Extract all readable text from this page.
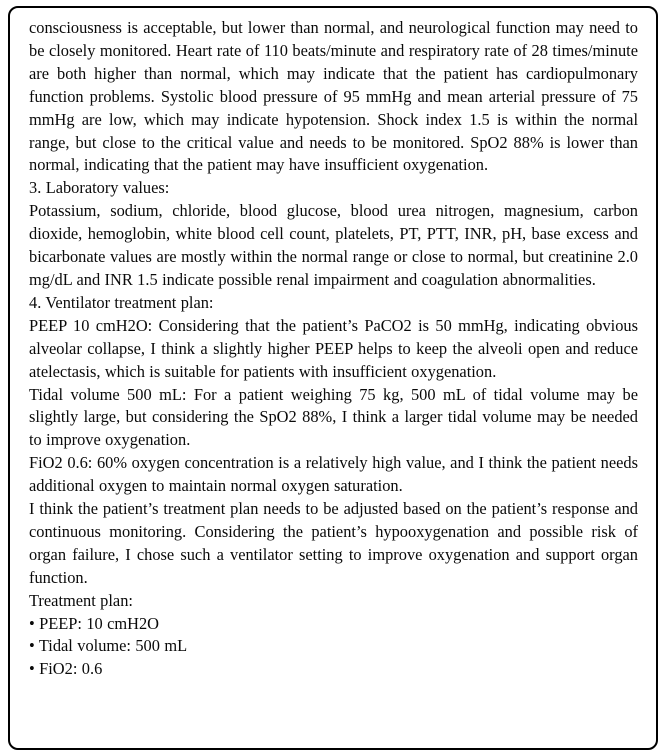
consciousness is acceptable, but lower than normal, and neurological function may need to be closely monitored. Heart rate of 110 beats/minute and respiratory rate of 28 times/minute are both higher than normal, which may indicate that the patient has cardiopulmonary function problems. Systolic blood pressure of 95 mmHg and mean arterial pressure of 75 mmHg are low, which may indicate hypotension. Shock index 1.5 is within the normal range, but close to the critical value and needs to be monitored. SpO2 88% is lower than normal, indicating that the patient may have insufficient oxygenation.

3. Laboratory values:

Potassium, sodium, chloride, blood glucose, blood urea nitrogen, magnesium, carbon dioxide, hemoglobin, white blood cell count, platelets, PT, PTT, INR, pH, base excess and bicarbonate values are mostly within the normal range or close to normal, but creatinine 2.0 mg/dL and INR 1.5 indicate possible renal impairment and coagulation abnormalities.

4. Ventilator treatment plan:

PEEP 10 cmH2O: Considering that the patient’s PaCO2 is 50 mmHg, indicating obvious alveolar collapse, I think a slightly higher PEEP helps to keep the alveoli open and reduce atelectasis, which is suitable for patients with insufficient oxygenation.

Tidal volume 500 mL: For a patient weighing 75 kg, 500 mL of tidal volume may be slightly large, but considering the SpO2 88%, I think a larger tidal volume may be needed to improve oxygenation.

FiO2 0.6: 60% oxygen concentration is a relatively high value, and I think the patient needs additional oxygen to maintain normal oxygen saturation.

I think the patient’s treatment plan needs to be adjusted based on the patient’s response and continuous monitoring. Considering the patient’s hypooxygenation and possible risk of organ failure, I chose such a ventilator setting to improve oxygenation and support organ function.

Treatment plan:

• PEEP: 10 cmH2O

• Tidal volume: 500 mL

• FiO2: 0.6
